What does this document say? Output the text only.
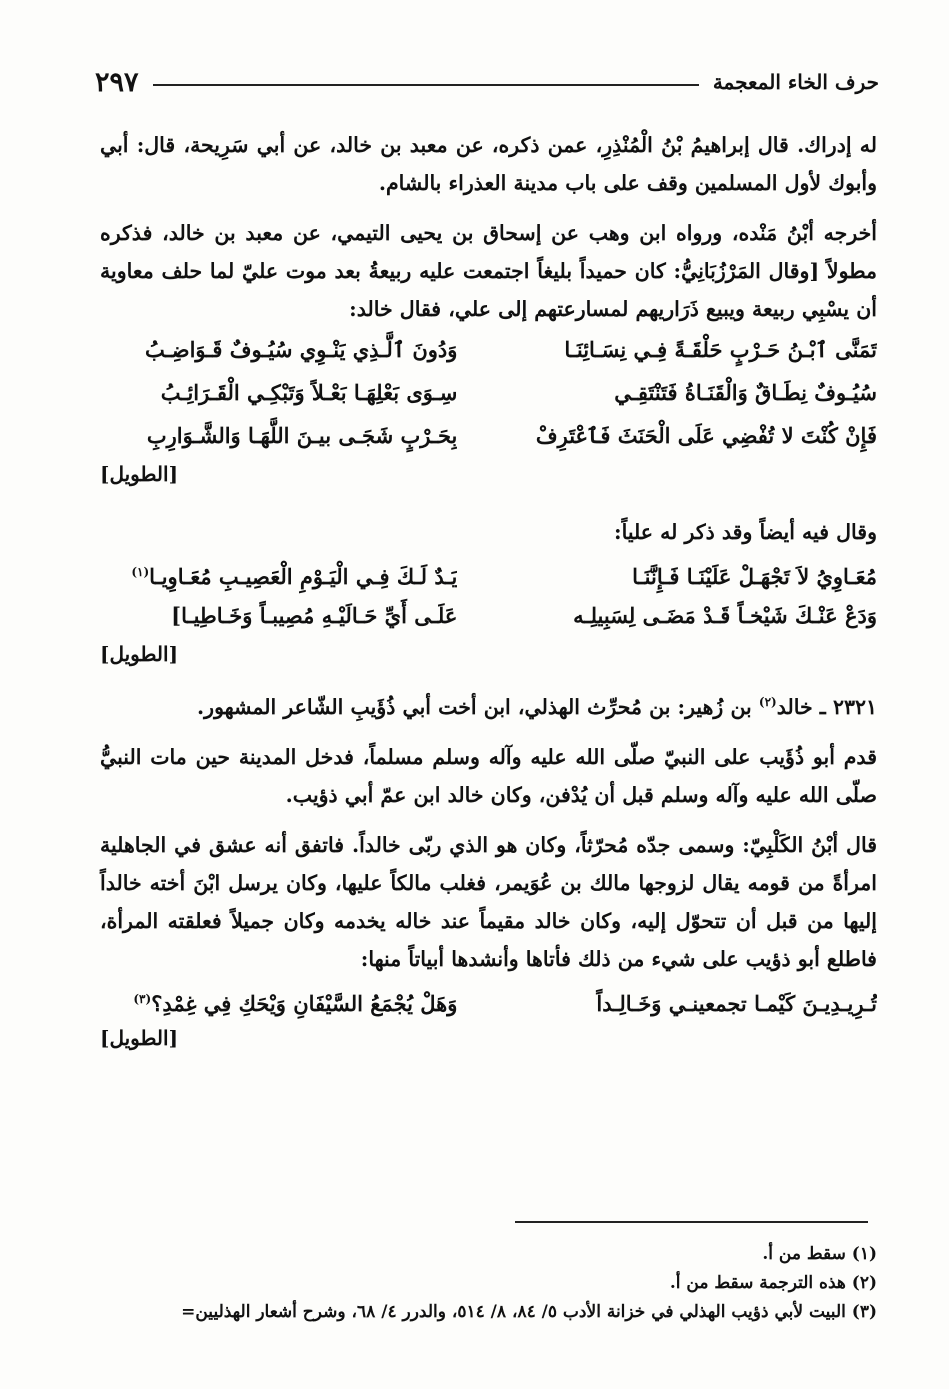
حرف الخاء المعجمة
٢٩٧

له إدراك. قال إبراهيمُ بْنُ الْمُنْذِرِ، عمن ذكره، عن معبد بن خالد، عن أبي سَرِيحة، قال: أبي وأبوك لأول المسلمين وقف على باب مدينة العذراء بالشام.

أخرجه أبْنُ مَنْده، ورواه ابن وهب عن إسحاق بن يحيى التيمي، عن معبد بن خالد، فذكره مطولاً [وقال المَرْزُبَانِيُّ: كان حميداً بليغاً اجتمعت عليه ربيعةُ بعد موت عليّ لما حلف معاوية أن يسْبِي ربيعة ويبيع ذَرَاريهم لمسارعتهم إلى علي، فقال خالد:

تَمَنَّى ٱبْـنُ حَـرْبٍ حَلْقَـةً فِـي نِسَـائِنَـا
وَدُونَ ٱلَّـذِي يَنْـوِي سُيُـوفٌ قَـوَاضِـبُ
سُيُـوفٌ نِطَـاقٌ وَالْقَنَـاةُ فَتَنْتَقِـي
سِـوَى بَعْلِهَـا بَعْـلاً وَتَبْكِـي الْقَـرَائِـبُ
فَإِنْ كُنْتَ لا تُفْضِي عَلَى الْحَنَثَ فَٱعْتَرِفْ
بِحَـرْبٍ شَجَـى بيـنَ اللَّهَـا وَالشَّـوَارِبِ
[الطويل]

وقال فيه أيضاً وقد ذكر له علياً:

مُعَـاوِيُ لاَ تَجْهَـلْ عَلَيْنَـا فَـإِنَّنَـا
يَـدٌ لَـكَ فِـي الْيَـوْمِ الْعَصِيـبِ مُعَـاوِيـا$^{(١)}$
وَدَعْ عَنْـكَ شَيْخـاً قَـدْ مَضَـى لِسَبِيلِـه
عَلَـى أَيِّ حَـالَيْـهِ مُصِيبـاً وَخَـاطِيـا]
[الطويل]

٢٣٢١ ـ خالد$^{(٢)}$ بن زُهير: بن مُحرِّث الهذلي، ابن أخت أبي ذُؤَيبِ الشّاعر المشهور.

قدم أبو ذُؤَيب على النبيّ صلّى الله عليه وآله وسلم مسلماً، فدخل المدينة حين مات النبيُّ صلّى الله عليه وآله وسلم قبل أن يُدْفن، وكان خالد ابن عمّ أبي ذؤيب.

قال أبْنُ الكَلْبِيّ: وسمى جدّه مُحرّثاً، وكان هو الذي ربّى خالداً. فاتفق أنه عشق في الجاهلية امرأةً من قومه يقال لزوجها مالك بن عُوَيمر، فغلب مالكاً عليها، وكان يرسل ابْنَ أخته خالداً إليها من قبل أن تتحوّل إليه، وكان خالد مقيماً عند خاله يخدمه وكان جميلاً فعلقته المرأة، فاطلع أبو ذؤيب على شيء من ذلك فأتاها وأنشدها أبياتاً منها:

تُـرِيـدِيـنَ كَيْمـا تجمعينـي وَخَـالِـداً
وَهَلْ يُجْمَعُ السَّيْفَانِ وَيْحَكِ فِي غِمْدِ؟$^{(٣)}$
[الطويل]
(١) سقط من أ.
(٢) هذه الترجمة سقط من أ.
(٣) البيت لأبي ذؤيب الهذلي في خزانة الأدب ٥/ ٨٤، ٨/ ٥١٤، والدرر ٤/ ٦٨، وشرح أشعار الهذليين=
